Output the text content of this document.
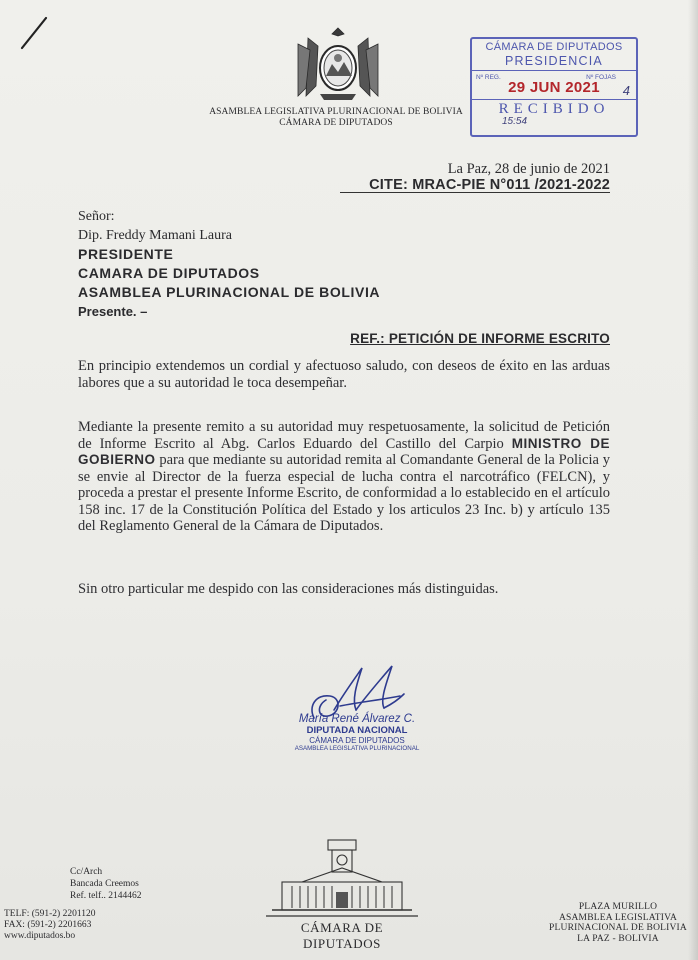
ASAMBLEA LEGISLATIVA PLURINACIONAL DE BOLIVIA
CÁMARA DE DIPUTADOS
CÁMARA DE DIPUTADOS
PRESIDENCIA
Nº REG.
29 JUN 2021
Nº FOJAS
4
RECIBIDO
15:54
La Paz, 28 de junio de 2021
CITE: MRAC-PIE N°011 /2021-2022
Señor:
Dip. Freddy Mamani Laura
PRESIDENTE
CAMARA DE DIPUTADOS
ASAMBLEA PLURINACIONAL DE BOLIVIA
Presente. –
REF.: PETICIÓN DE INFORME ESCRITO
En principio extendemos un cordial y afectuoso saludo, con deseos de éxito en las arduas labores que a su autoridad le toca desempeñar.
Mediante la presente remito a su autoridad muy respetuosamente, la solicitud de Petición de Informe Escrito al Abg. Carlos Eduardo del Castillo del Carpio MINISTRO DE GOBIERNO para que mediante su autoridad remita al Comandante General de la Policia y se envie al Director de la fuerza especial de lucha contra el narcotráfico (FELCN), y proceda a prestar el presente Informe Escrito, de conformidad a lo establecido en el artículo 158 inc. 17 de la Constitución Política del Estado y los articulos 23 Inc. b) y artículo 135 del Reglamento General de la Cámara de Diputados.
Sin otro particular me despido con las consideraciones más distinguidas.
María René Álvarez C.
DIPUTADA NACIONAL
CÁMARA DE DIPUTADOS
ASAMBLEA LEGISLATIVA PLURINACIONAL
Cc/Arch
Bancada Creemos
Ref. telf.. 2144462
TELF: (591-2) 2201120
FAX: (591-2) 2201663
www.diputados.bo
CÁMARA DE DIPUTADOS
PLAZA MURILLO
ASAMBLEA LEGISLATIVA
PLURINACIONAL DE BOLIVIA
LA PAZ - BOLIVIA
